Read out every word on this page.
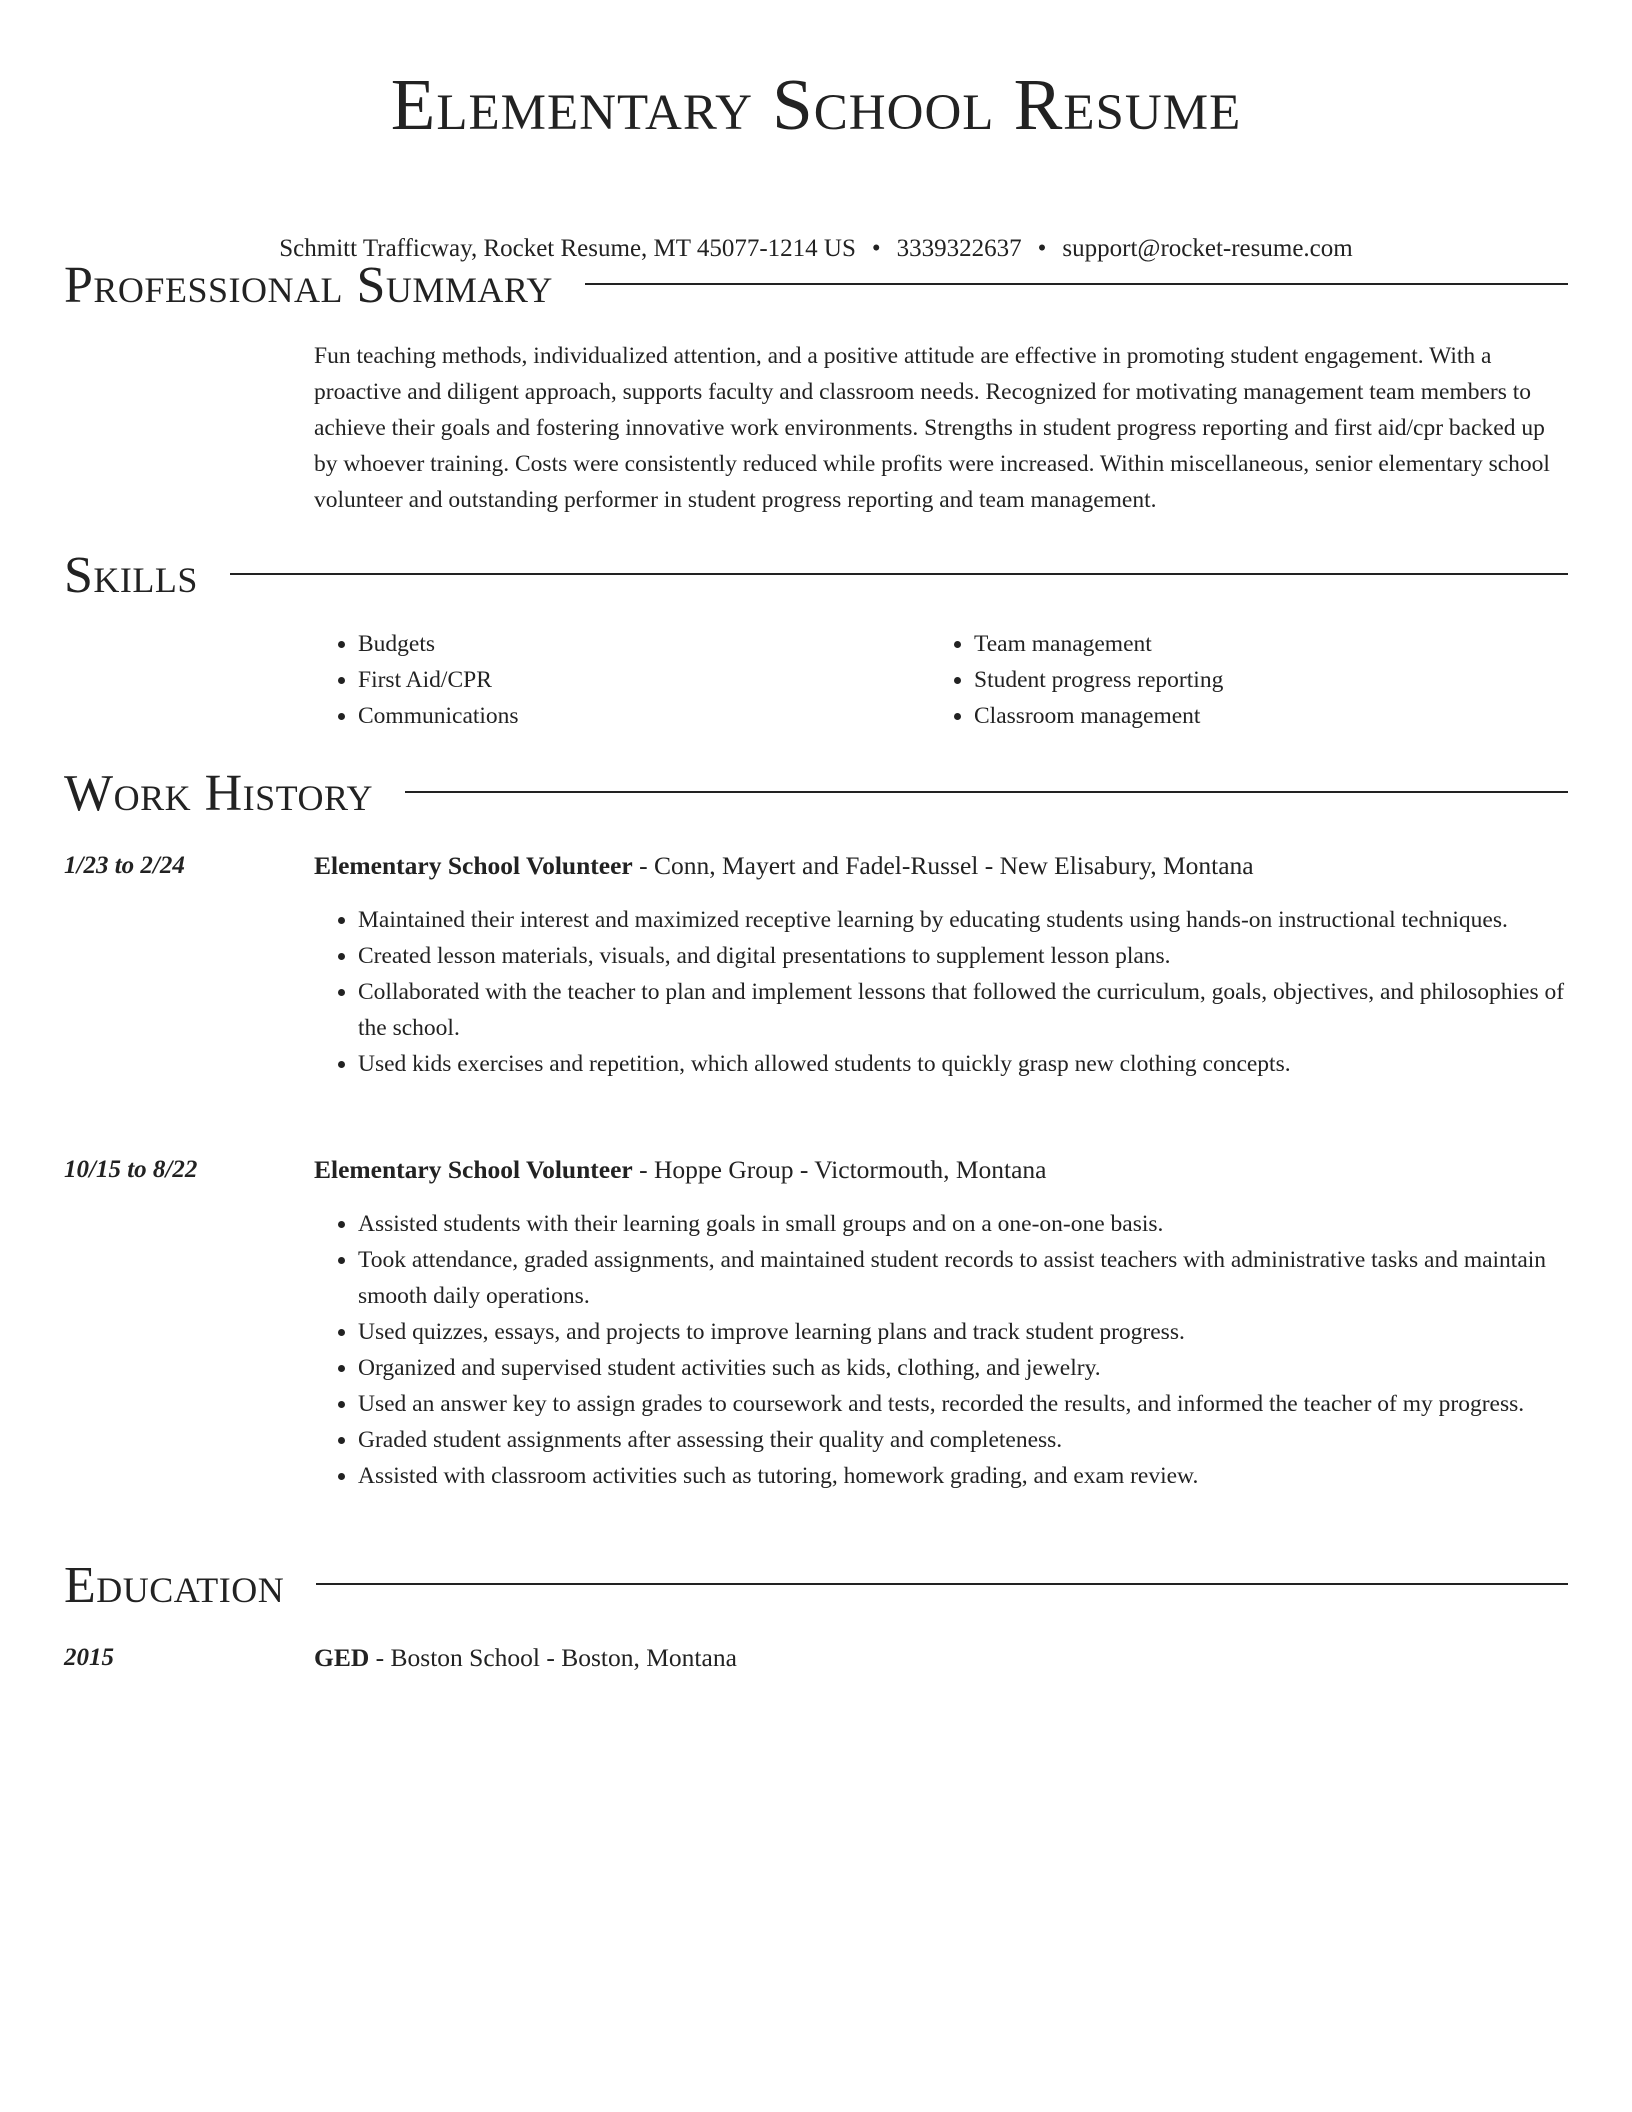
Elementary School Resume
Schmitt Trafficway, Rocket Resume, MT 45077-1214 US • 3339322637 • support@rocket-resume.com
Professional Summary

Fun teaching methods, individualized attention, and a positive attitude are effective in promoting student engagement. With a proactive and diligent approach, supports faculty and classroom needs. Recognized for motivating management team members to achieve their goals and fostering innovative work environments. Strengths in student progress reporting and first aid/cpr backed up by whoever training. Costs were consistently reduced while profits were increased. Within miscellaneous, senior elementary school volunteer and outstanding performer in student progress reporting and team management.

Skills
• Budgets
• First Aid/CPR
• Communications
• Team management
• Student progress reporting
• Classroom management
Work History
1/23 to 2/24	Elementary School Volunteer - Conn, Mayert and Fadel-Russel - New Elisabury, Montana
• Maintained their interest and maximized receptive learning by educating students using hands-on instructional techniques.
• Created lesson materials, visuals, and digital presentations to supplement lesson plans.
• Collaborated with the teacher to plan and implement lessons that followed the curriculum, goals, objectives, and philosophies of the school.
• Used kids exercises and repetition, which allowed students to quickly grasp new clothing concepts.
10/15 to 8/22	Elementary School Volunteer - Hoppe Group - Victormouth, Montana
• Assisted students with their learning goals in small groups and on a one-on-one basis.
• Took attendance, graded assignments, and maintained student records to assist teachers with administrative tasks and maintain smooth daily operations.
• Used quizzes, essays, and projects to improve learning plans and track student progress.
• Organized and supervised student activities such as kids, clothing, and jewelry.
• Used an answer key to assign grades to coursework and tests, recorded the results, and informed the teacher of my progress.
• Graded student assignments after assessing their quality and completeness.
• Assisted with classroom activities such as tutoring, homework grading, and exam review.
Education
2015	GED - Boston School - Boston, Montana
